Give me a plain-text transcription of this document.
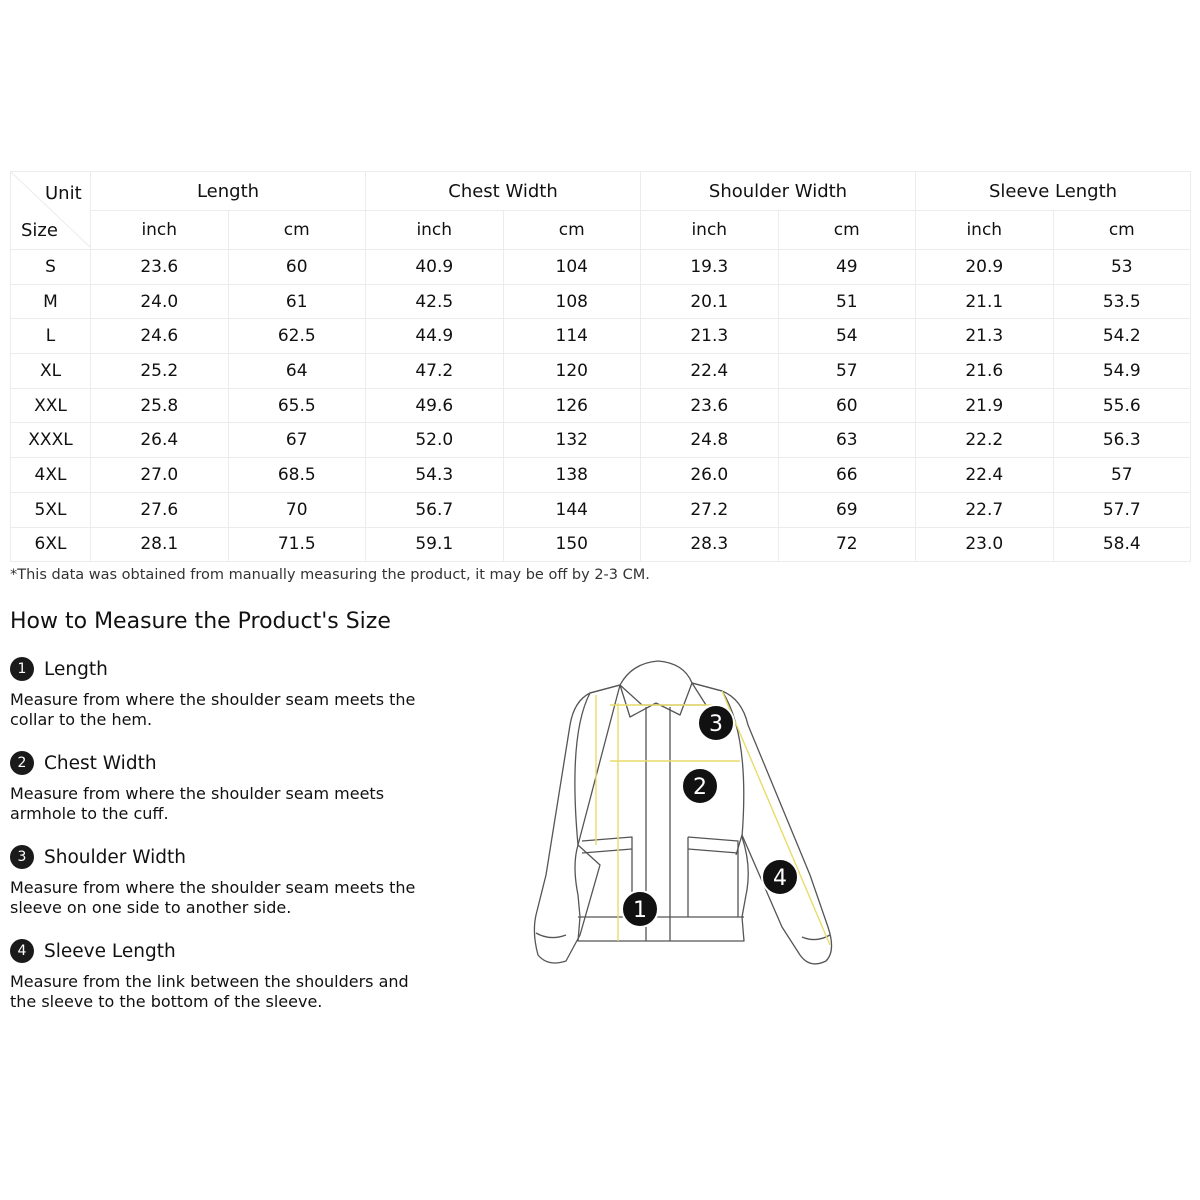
Unit
Size	Length		Chest Width		Shoulder Width		Sleeve Length	
	inch	cm	inch	cm	inch	cm	inch	cm
S	23.6	60	40.9	104	19.3	49	20.9	53
M	24.0	61	42.5	108	20.1	51	21.1	53.5
L	24.6	62.5	44.9	114	21.3	54	21.3	54.2
XL	25.2	64	47.2	120	22.4	57	21.6	54.9
XXL	25.8	65.5	49.6	126	23.6	60	21.9	55.6
XXXL	26.4	67	52.0	132	24.8	63	22.2	56.3
4XL	27.0	68.5	54.3	138	26.0	66	22.4	57
5XL	27.6	70	56.7	144	27.2	69	22.7	57.7
6XL	28.1	71.5	59.1	150	28.3	72	23.0	58.4
*This data was obtained from manually measuring the product, it may be off by 2-3 CM.
How to Measure the Product's Size
1 Length
Measure from where the shoulder seam meets the collar to the hem.
2 Chest Width
Measure from where the shoulder seam meets armhole to the cuff.
3 Shoulder Width
Measure from where the shoulder seam meets the sleeve on one side to another side.
4 Sleeve Length
Measure from the link between the shoulders and the sleeve to the bottom of the sleeve.
1
2
3
4
